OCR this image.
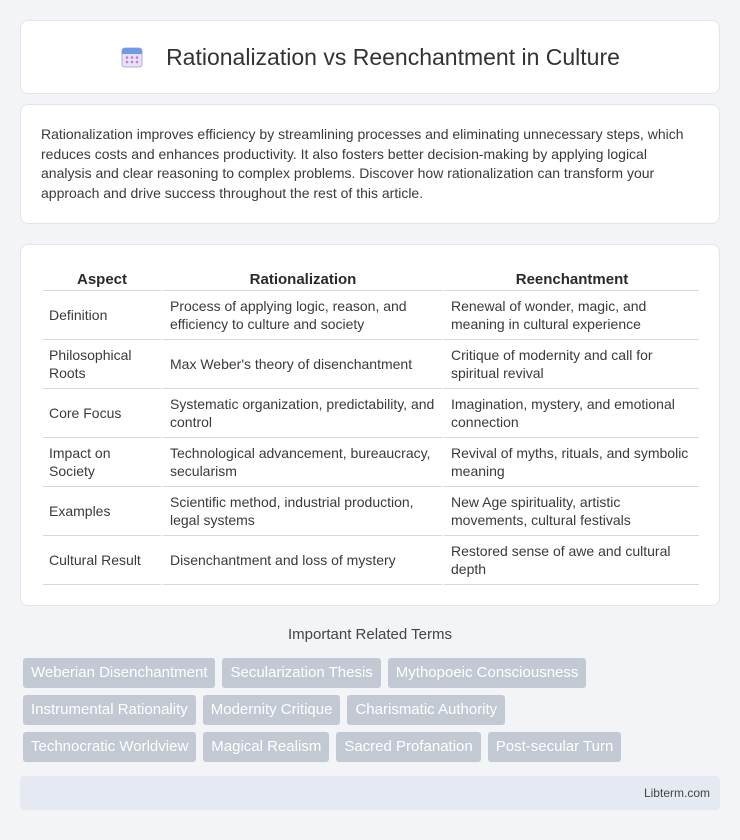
Rationalization vs Reenchantment in Culture

Rationalization improves efficiency by streamlining processes and eliminating unnecessary steps, which reduces costs and enhances productivity. It also fosters better decision-making by applying logical analysis and clear reasoning to complex problems. Discover how rationalization can transform your approach and drive success throughout the rest of this article.

Aspect	Rationalization	Reenchantment
Definition	Process of applying logic, reason, and efficiency to culture and society	Renewal of wonder, magic, and meaning in cultural experience
Philosophical Roots	Max Weber's theory of disenchantment	Critique of modernity and call for spiritual revival
Core Focus	Systematic organization, predictability, and control	Imagination, mystery, and emotional connection
Impact on Society	Technological advancement, bureaucracy, secularism	Revival of myths, rituals, and symbolic meaning
Examples	Scientific method, industrial production, legal systems	New Age spirituality, artistic movements, cultural festivals
Cultural Result	Disenchantment and loss of mystery	Restored sense of awe and cultural depth
Important Related Terms
Weberian Disenchantment	Secularization Thesis	Mythopoeic Consciousness
Instrumental Rationality	Modernity Critique	Charismatic Authority
Technocratic Worldview	Magical Realism	Sacred Profanation	Post-secular Turn
Libterm.com
